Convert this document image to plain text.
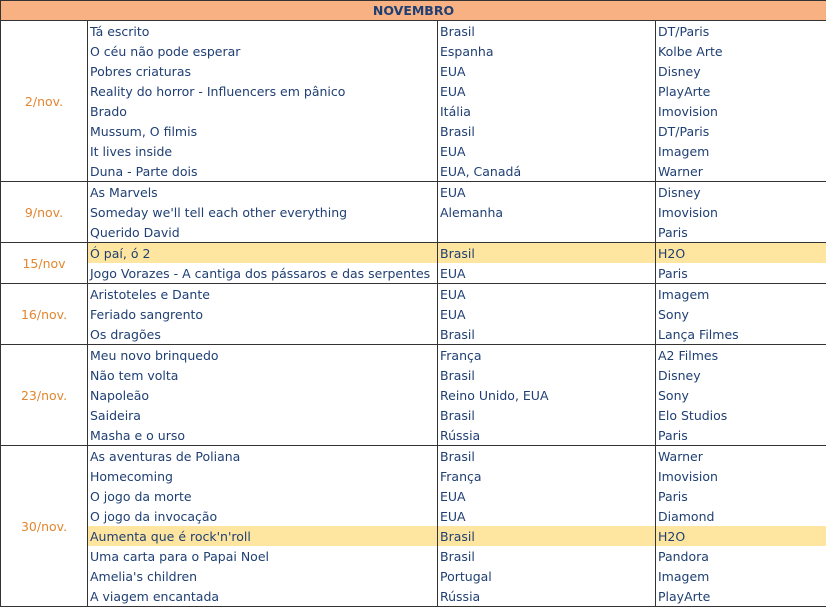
NOVEMBRO			
2/nov.	Tá escrito	Brasil	DT/Paris
	O céu não pode esperar	Espanha	Kolbe Arte
	Pobres criaturas	EUA	Disney
	Reality do horror - Influencers em pânico	EUA	PlayArte
	Brado	Itália	Imovision
	Mussum, O filmis	Brasil	DT/Paris
	It lives inside	EUA	Imagem
	Duna - Parte dois	EUA, Canadá	Warner
9/nov.	As Marvels	EUA	Disney
	Someday we'll tell each other everything	Alemanha	Imovision
	Querido David		Paris
15/nov	Ó paí, ó 2	Brasil	H2O
	Jogo Vorazes - A cantiga dos pássaros e das serpentes	EUA	Paris
16/nov.	Aristoteles e Dante	EUA	Imagem
	Feriado sangrento	EUA	Sony
	Os dragões	Brasil	Lança Filmes
23/nov.	Meu novo brinquedo	França	A2 Filmes
	Não tem volta	Brasil	Disney
	Napoleão	Reino Unido, EUA	Sony
	Saideira	Brasil	Elo Studios
	Masha e o urso	Rússia	Paris
30/nov.	As aventuras de Poliana	Brasil	Warner
	Homecoming	França	Imovision
	O jogo da morte	EUA	Paris
	O jogo da invocação	EUA	Diamond
	Aumenta que é rock'n'roll	Brasil	H2O
	Uma carta para o Papai Noel	Brasil	Pandora
	Amelia's children	Portugal	Imagem
	A viagem encantada	Rússia	PlayArte
